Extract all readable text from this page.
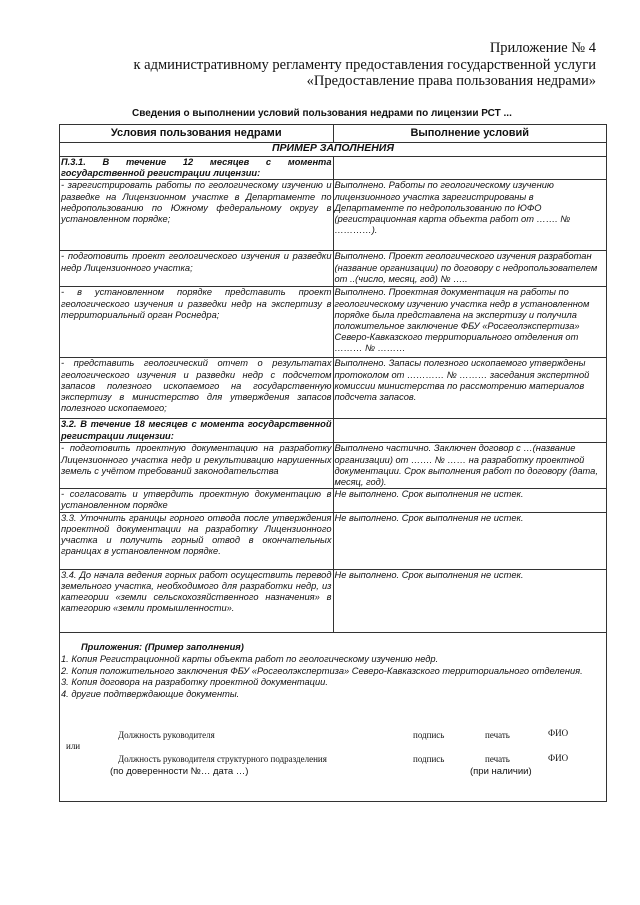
Приложение № 4
к административному регламенту предоставления государственной услуги
«Предоставление права пользования недрами»
Сведения о выполнении условий пользования недрами по лицензии РСТ ...
Условия пользования недрами	Выполнение условий
ПРИМЕР ЗАПОЛНЕНИЯ	
П.3.1. В течение 12 месяцев с момента государственной регистрации лицензии:	
- зарегистрировать работы по геологическому изучению и разведке на Лицензионном участке в Департаменте по недропользованию по Южному федеральному округу в установленном порядке;	Выполнено. Работы по геологическому изучению лицензионного участка зарегистрированы в Департаменте по недропользованию по ЮФО (регистрационная карта объекта работ от ……. № …………).
- подготовить проект геологического изучения и разведки недр Лицензионного участка;	Выполнено. Проект геологического изучения разработан (название организации) по договору с недропользователем от ..(число, месяц, год) № …..
- в установленном порядке представить проект геологического изучения и разведки недр на экспертизу в территориальный орган Роснедра;	Выполнено. Проектная документация на работы по геологическому изучению участка недр в установленном порядке была представлена на экспертизу и получила положительное заключение ФБУ «Росгеолэкспертиза» Северо-Кавказского территориального отделения от ……… № ………
- представить геологический отчет о результатах геологического изучения и разведки недр с подсчетом запасов полезного ископаемого на государственную экспертизу в министерство для утверждения запасов полезного ископаемого;	Выполнено. Запасы полезного ископаемого утверждены протоколом от ………… № ……… заседания экспертной комиссии министерства по рассмотрению материалов подсчета запасов.
3.2. В течение 18 месяцев с момента государственной регистрации лицензии:	
- подготовить проектную документацию на разработку Лицензионного участка недр и рекультивацию нарушенных земель с учётом требований законодательства	Выполнено частично. Заключен договор с …(название организации) от ……. № …… на разработку проектной документации. Срок выполнения работ по договору (дата, месяц, год).
- согласовать и утвердить проектную документацию в установленном порядке	Не выполнено. Срок выполнения не истек.
3.3. Уточнить границы горного отвода после утверждения проектной документации на разработку Лицензионного участка и получить горный отвод в окончательных границах в установленном порядке.	Не выполнено. Срок выполнения не истек.
3.4. До начала ведения горных работ осуществить перевод земельного участка, необходимого для разработки недр, из категории «земли сельскохозяйственного назначения» в категорию «земли промышленности».	Не выполнено. Срок выполнения не истек.
Приложения: (Пример заполнения)
1. Копия Регистрационной карты объекта работ по геологическому изучению недр.
2. Копия положительного заключения ФБУ «Росгеолэкспертиза» Северо-Кавказского территориального отделения.
3. Копия договора на разработку проектной документации.
4. другие подтверждающие документы.
Должность руководителя	подпись	печать	ФИО
или
Должность руководителя структурного подразделения	подпись	печать	ФИО
(по доверенности №… дата …)	(при наличии)
